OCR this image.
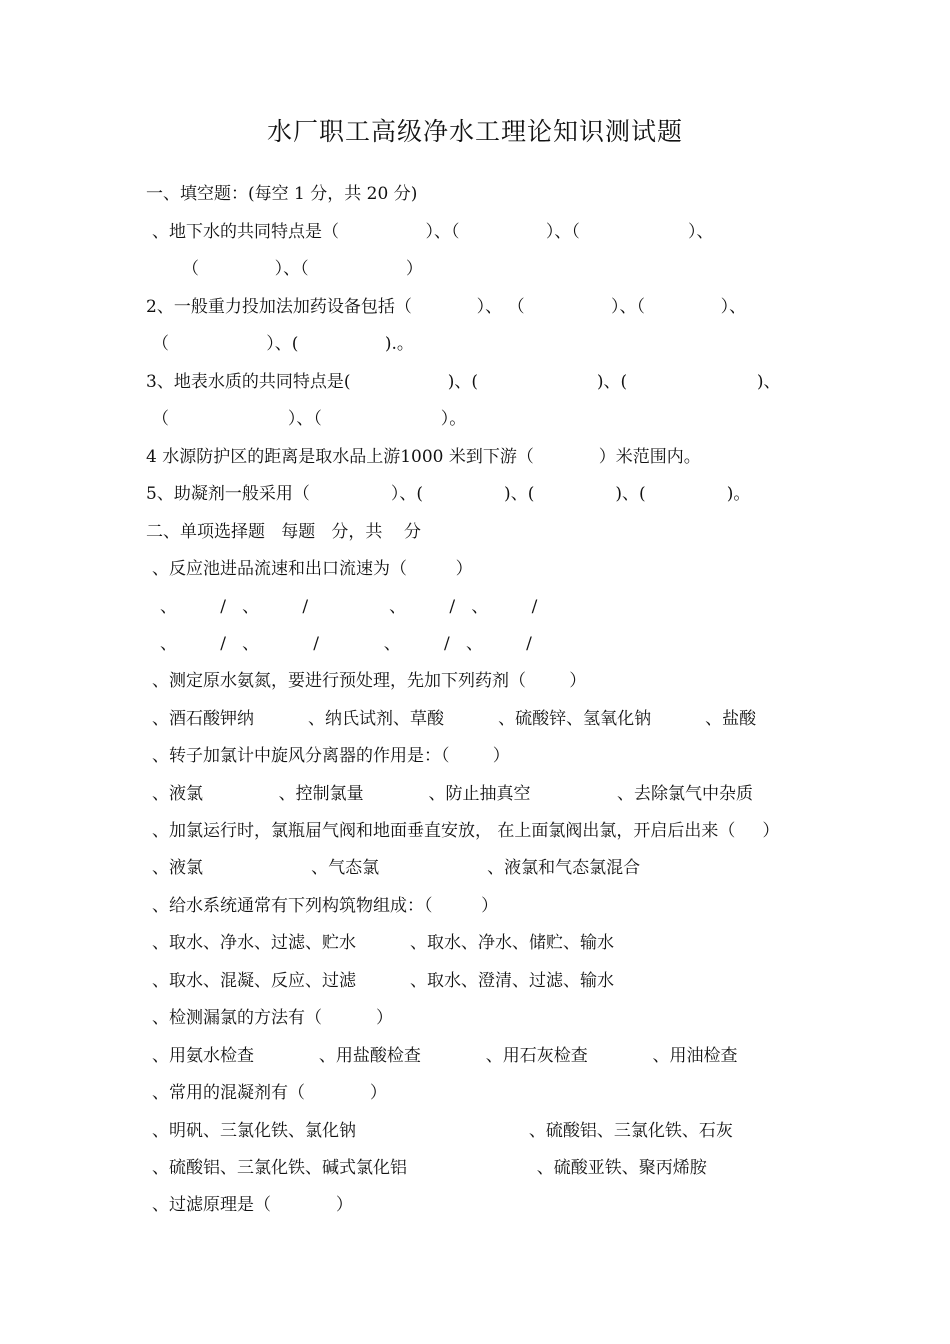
水厂职工高级净水工理论知识测试题
一、填空题：(每空 1 分，共 20 分)
、地下水的共同特点是（                ）、（                ）、（                    ）、
（              ）、（                  ）
2、一般重力投加法加药设备包括（            ）、 （                ）、（              ）、
（                  ）、(                ).。
3、地表水质的共同特点是(                  )、(                      )、(                        )、
（                      ）、（                      ）。
4 水源防护区的距离是取水品上游1000 米到下游（            ）米范围内。
5、助凝剂一般采用（               ）、(               )、(               )、(               )。
二、单项选择题   每题   分，共    分
、反应池进品流速和出口流速为（         ）
、        /   、        /               、        /   、        /
、        /   、          /            、        /   、        /
、测定原水氨氮，要进行预处理，先加下列药剂（        ）
、酒石酸钾纳          、纳氏试剂、草酸          、硫酸锌、氢氧化钠          、盐酸
、转子加氯计中旋风分离器的作用是：（        ）
、液氯              、控制氯量            、防止抽真空                、去除氯气中杂质
、加氯运行时，氯瓶屇气阀和地面垂直安放， 在上面氯阀出氯，开启后出来（     ）
、液氯                    、气态氯                    、液氯和气态氯混合
、给水系统通常有下列构筑物组成：（         ）
、取水、净水、过滤、贮水          、取水、净水、储贮、输水
、取水、混凝、反应、过滤          、取水、澄清、过滤、输水
、检测漏氯的方法有（          ）
、用氨水检查            、用盐酸检查            、用石灰检查            、用油检查
、常用的混凝剂有（            ）
、明矾、三氯化铁、氯化钠                                、硫酸铝、三氯化铁、石灰
、硫酸铝、三氯化铁、碱式氯化铝                        、硫酸亚铁、聚丙烯胺
、过滤原理是（            ）
